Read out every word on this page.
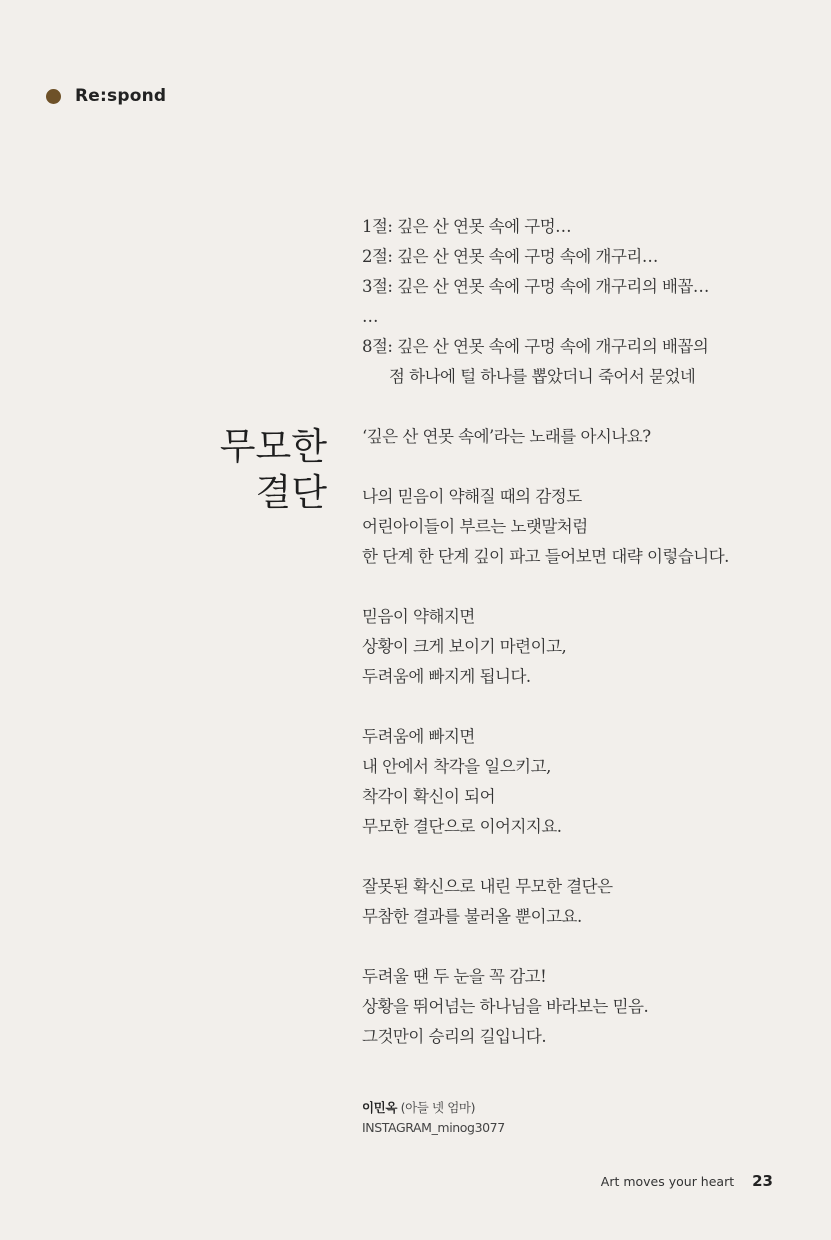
Re:spond
무모한
결단
1절: 깊은 산 연못 속에 구멍…
2절: 깊은 산 연못 속에 구멍 속에 개구리…
3절: 깊은 산 연못 속에 구멍 속에 개구리의 배꼽…
…
8절: 깊은 산 연못 속에 구멍 속에 개구리의 배꼽의
점 하나에 털 하나를 뽑았더니 죽어서 묻었네
‘깊은 산 연못 속에’라는 노래를 아시나요?
나의 믿음이 약해질 때의 감정도
어린아이들이 부르는 노랫말처럼
한 단계 한 단계 깊이 파고 들어보면 대략 이렇습니다.
믿음이 약해지면
상황이 크게 보이기 마련이고,
두려움에 빠지게 됩니다.
두려움에 빠지면
내 안에서 착각을 일으키고,
착각이 확신이 되어
무모한 결단으로 이어지지요.
잘못된 확신으로 내린 무모한 결단은
무참한 결과를 불러올 뿐이고요.
두려울 땐 두 눈을 꼭 감고!
상황을 뛰어넘는 하나님을 바라보는 믿음.
그것만이 승리의 길입니다.
이민옥 (아들 넷 엄마)
INSTAGRAM_minog3077
Art moves your heart 23
